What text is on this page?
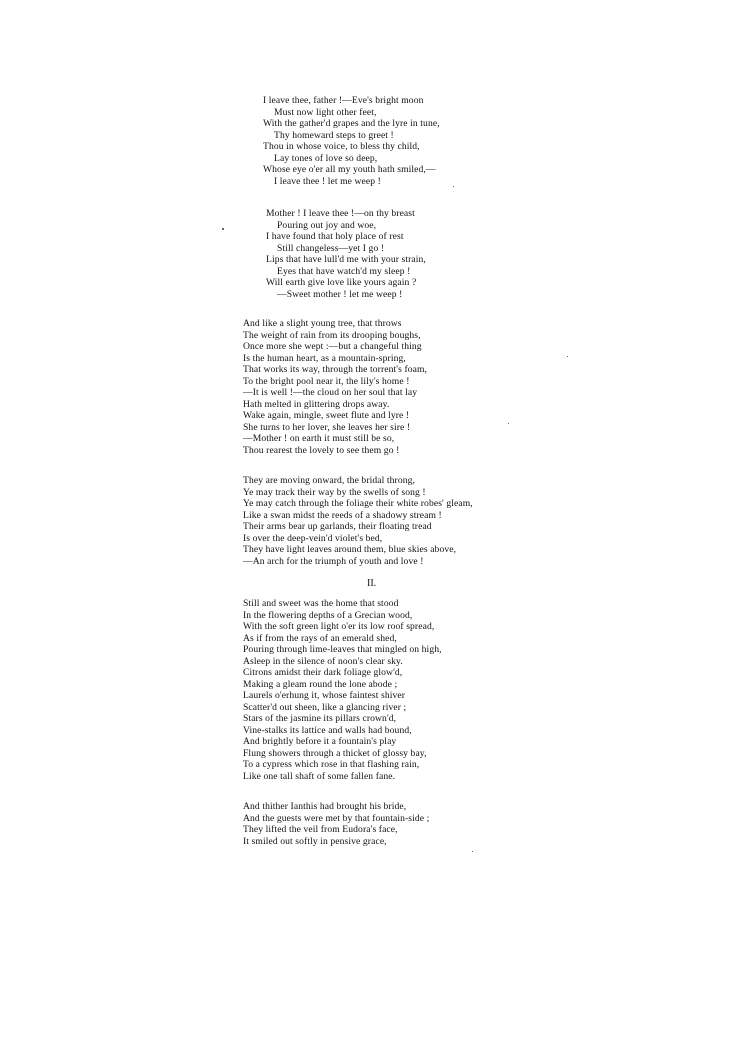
I leave thee, father !—Eve's bright moon
Must now light other feet,
With the gather'd grapes and the lyre in tune,
Thy homeward steps to greet !
Thou in whose voice, to bless thy child,
Lay tones of love so deep,
Whose eye o'er all my youth hath smiled,—
I leave thee ! let me weep !
Mother ! I leave thee !—on thy breast
Pouring out joy and woe,
I have found that holy place of rest
Still changeless—yet I go !
Lips that have lull'd me with your strain,
Eyes that have watch'd my sleep !
Will earth give love like yours again ?
—Sweet mother ! let me weep !
And like a slight young tree, that throws
The weight of rain from its drooping boughs,
Once more she wept :—but a changeful thing
Is the human heart, as a mountain-spring,
That works its way, through the torrent's foam,
To the bright pool near it, the lily's home !
—It is well !—the cloud on her soul that lay
Hath melted in glittering drops away.
Wake again, mingle, sweet flute and lyre !
She turns to her lover, she leaves her sire !
—Mother ! on earth it must still be so,
Thou rearest the lovely to see them go !
They are moving onward, the bridal throng,
Ye may track their way by the swells of song !
Ye may catch through the foliage their white robes' gleam,
Like a swan midst the reeds of a shadowy stream !
Their arms bear up garlands, their floating tread
Is over the deep-vein'd violet's bed,
They have light leaves around them, blue skies above,
—An arch for the triumph of youth and love !
II.
Still and sweet was the home that stood
In the flowering depths of a Grecian wood,
With the soft green light o'er its low roof spread,
As if from the rays of an emerald shed,
Pouring through lime-leaves that mingled on high,
Asleep in the silence of noon's clear sky.
Citrons amidst their dark foliage glow'd,
Making a gleam round the lone abode ;
Laurels o'erhung it, whose faintest shiver
Scatter'd out sheen, like a glancing river ;
Stars of the jasmine its pillars crown'd,
Vine-stalks its lattice and walls had bound,
And brightly before it a fountain's play
Flung showers through a thicket of glossy bay,
To a cypress which rose in that flashing rain,
Like one tall shaft of some fallen fane.
And thither Ianthis had brought his bride,
And the guests were met by that fountain-side ;
They lifted the veil from Eudora's face,
It smiled out softly in pensive grace,
